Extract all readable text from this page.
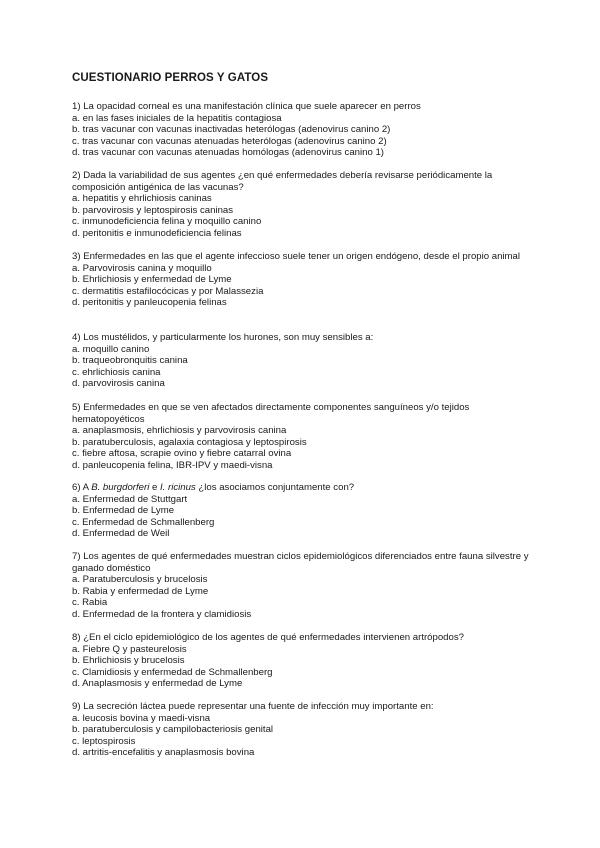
CUESTIONARIO PERROS Y GATOS

1) La opacidad corneal es una manifestación clínica que suele aparecer en perros

a. en las fases iniciales de la hepatitis contagiosa

b. tras vacunar con vacunas inactivadas heterólogas (adenovirus canino 2)

c. tras vacunar con vacunas atenuadas heterólogas (adenovirus canino 2)

d. tras vacunar con vacunas atenuadas homólogas (adenovirus canino 1)

2) Dada la variabilidad de sus agentes ¿en qué enfermedades debería revisarse periódicamente la composición antigénica de las vacunas?

a. hepatitis y ehrlichiosis caninas

b. parvovirosis y leptospirosis caninas

c. inmunodeficiencia felina y moquillo canino

d. peritonitis e inmunodeficiencia felinas

3) Enfermedades en las que el agente infeccioso suele tener un origen endógeno, desde el propio animal

a. Parvovirosis canina y moquillo

b. Ehrlichiosis y enfermedad de Lyme

c. dermatitis estafilocócicas y por Malassezia

d. peritonitis y panleucopenia felinas

4) Los mustélidos, y particularmente los hurones, son muy sensibles a:

a. moquillo canino

b. traqueobronquitis canina

c. ehrlichiosis canina

d. parvovirosis canina

5) Enfermedades en que se ven afectados directamente componentes sanguíneos y/o tejidos hematopoyéticos

a. anaplasmosis, ehrlichiosis y parvovirosis canina

b. paratuberculosis, agalaxia contagiosa y leptospirosis

c. fiebre aftosa, scrapie ovino y fiebre catarral ovina

d. panleucopenia felina, IBR-IPV y maedi-visna

6) A B. burgdorferi e I. ricinus ¿los asociamos conjuntamente con?

a. Enfermedad de Stuttgart

b. Enfermedad de Lyme

c. Enfermedad de Schmallenberg

d. Enfermedad de Weil

7) Los agentes de qué enfermedades muestran ciclos epidemiológicos diferenciados entre fauna silvestre y ganado doméstico

a. Paratuberculosis y brucelosis

b. Rabia y enfermedad de Lyme

c. Rabia

d. Enfermedad de la frontera y clamidiosis

8) ¿En el ciclo epidemiológico de los agentes de qué enfermedades intervienen artrópodos?

a. Fiebre Q y pasteurelosis

b. Ehrlichiosis y brucelosis

c. Clamidiosis y enfermedad de Schmallenberg

d. Anaplasmosis y enfermedad de Lyme

9) La secreción láctea puede representar una fuente de infección muy importante en:

a. leucosis bovina y maedi-visna

b. paratuberculosis y campilobacteriosis genital

c. leptospirosis

d. artritis-encefalitis y anaplasmosis bovina
